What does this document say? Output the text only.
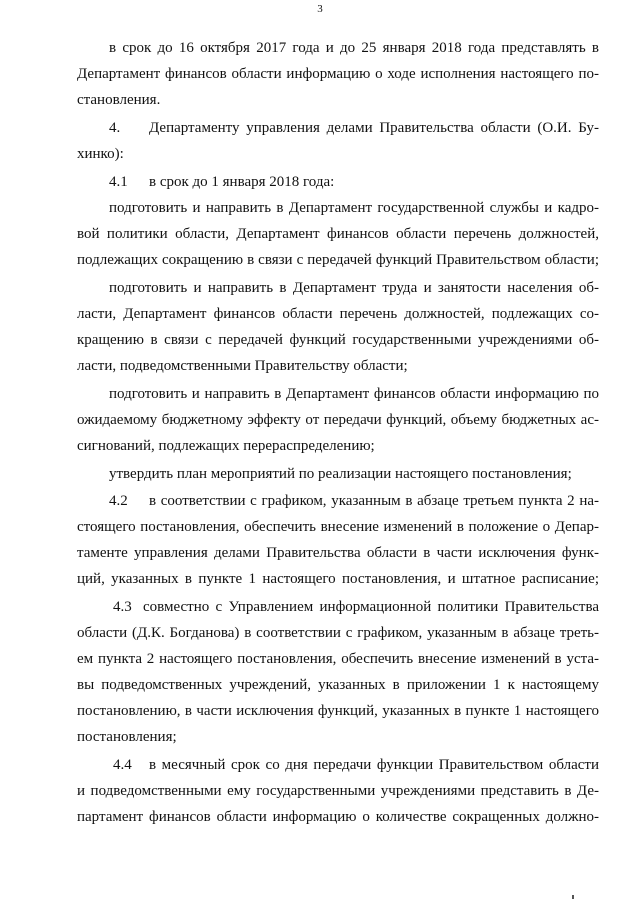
3
в срок до 16 октября 2017 года и до 25 января 2018 года представлять в
Департамент финансов области информацию о ходе исполнения настоящего по-
становления.
4. Департаменту управления делами Правительства области (О.И. Бу-
хинко):
4.1 в срок до 1 января 2018 года:
подготовить и направить в Департамент государственной службы и кадро-
вой политики области, Департамент финансов области перечень должностей,
подлежащих сокращению в связи с передачей функций Правительством области;
подготовить и направить в Департамент труда и занятости населения об-
ласти, Департамент финансов области перечень должностей, подлежащих со-
кращению в связи с передачей функций государственными учреждениями об-
ласти, подведомственными Правительству области;
подготовить и направить в Департамент финансов области информацию по
ожидаемому бюджетному эффекту от передачи функций, объему бюджетных ас-
сигнований, подлежащих перераспределению;
утвердить план мероприятий по реализации настоящего постановления;
4.2 в соответствии с графиком, указанным в абзаце третьем пункта 2 на-
стоящего постановления, обеспечить внесение изменений в положение о Депар-
таменте управления делами Правительства области в части исключения функ-
ций, указанных в пункте 1 настоящего постановления, и штатное расписание;
4.3 совместно с Управлением информационной политики Правительства
области (Д.К. Богданова) в соответствии с графиком, указанным в абзаце треть-
ем пункта 2 настоящего постановления, обеспечить внесение изменений в уста-
вы подведомственных учреждений, указанных в приложении 1 к настоящему
постановлению, в части исключения функций, указанных в пункте 1 настоящего
постановления;
4.4 в месячный срок со дня передачи функции Правительством области
и подведомственными ему государственными учреждениями представить в Де-
партамент финансов области информацию о количестве сокращенных должно-
